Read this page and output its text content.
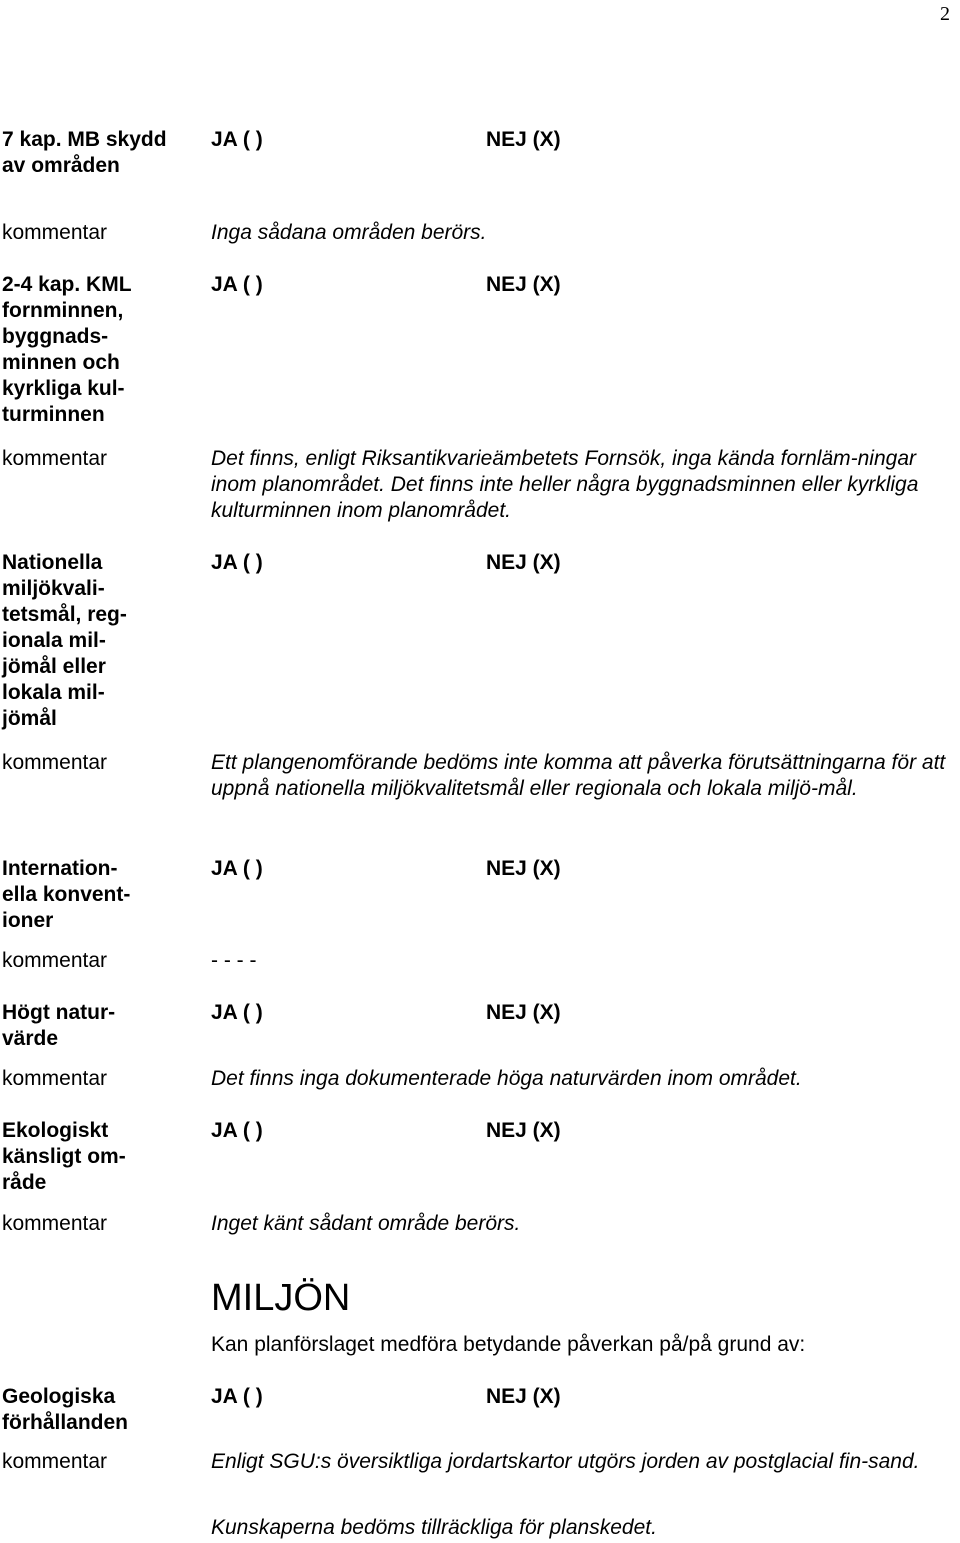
2
7 kap. MB skydd av områden
JA ( )	NEJ (X)
kommentar	Inga sådana områden berörs.
2-4 kap. KML fornminnen, byggnads-minnen och kyrkliga kul-turminnen
JA ( )	NEJ (X)
kommentar	Det finns, enligt Riksantikvarieämbetets Fornsök, inga kända fornläm-ningar inom planområdet. Det finns inte heller några byggnadsminnen eller kyrkliga kulturminnen inom planområdet.
Nationella miljökvali-tetsmål, reg-ionala mil-jömål eller lokala mil-jömål
JA ( )	NEJ (X)
kommentar	Ett plangenomförande bedöms inte komma att påverka förutsättningarna för att uppnå nationella miljökvalitetsmål eller regionala och lokala miljö-mål.
Internation-ella konvent-ioner
JA ( )	NEJ (X)
kommentar	- - - -
Högt natur-värde
JA ( )	NEJ (X)
kommentar	Det finns inga dokumenterade höga naturvärden inom området.
Ekologiskt känsligt om-råde
JA ( )	NEJ (X)
kommentar	Inget känt sådant område berörs.
MILJÖN
Kan planförslaget medföra betydande påverkan på/på grund av:
Geologiska förhållanden
JA ( )	NEJ (X)
kommentar	Enligt SGU:s översiktliga jordartskartor utgörs jorden av postglacial fin-sand.
Kunskaperna bedöms tillräckliga för planskedet.
